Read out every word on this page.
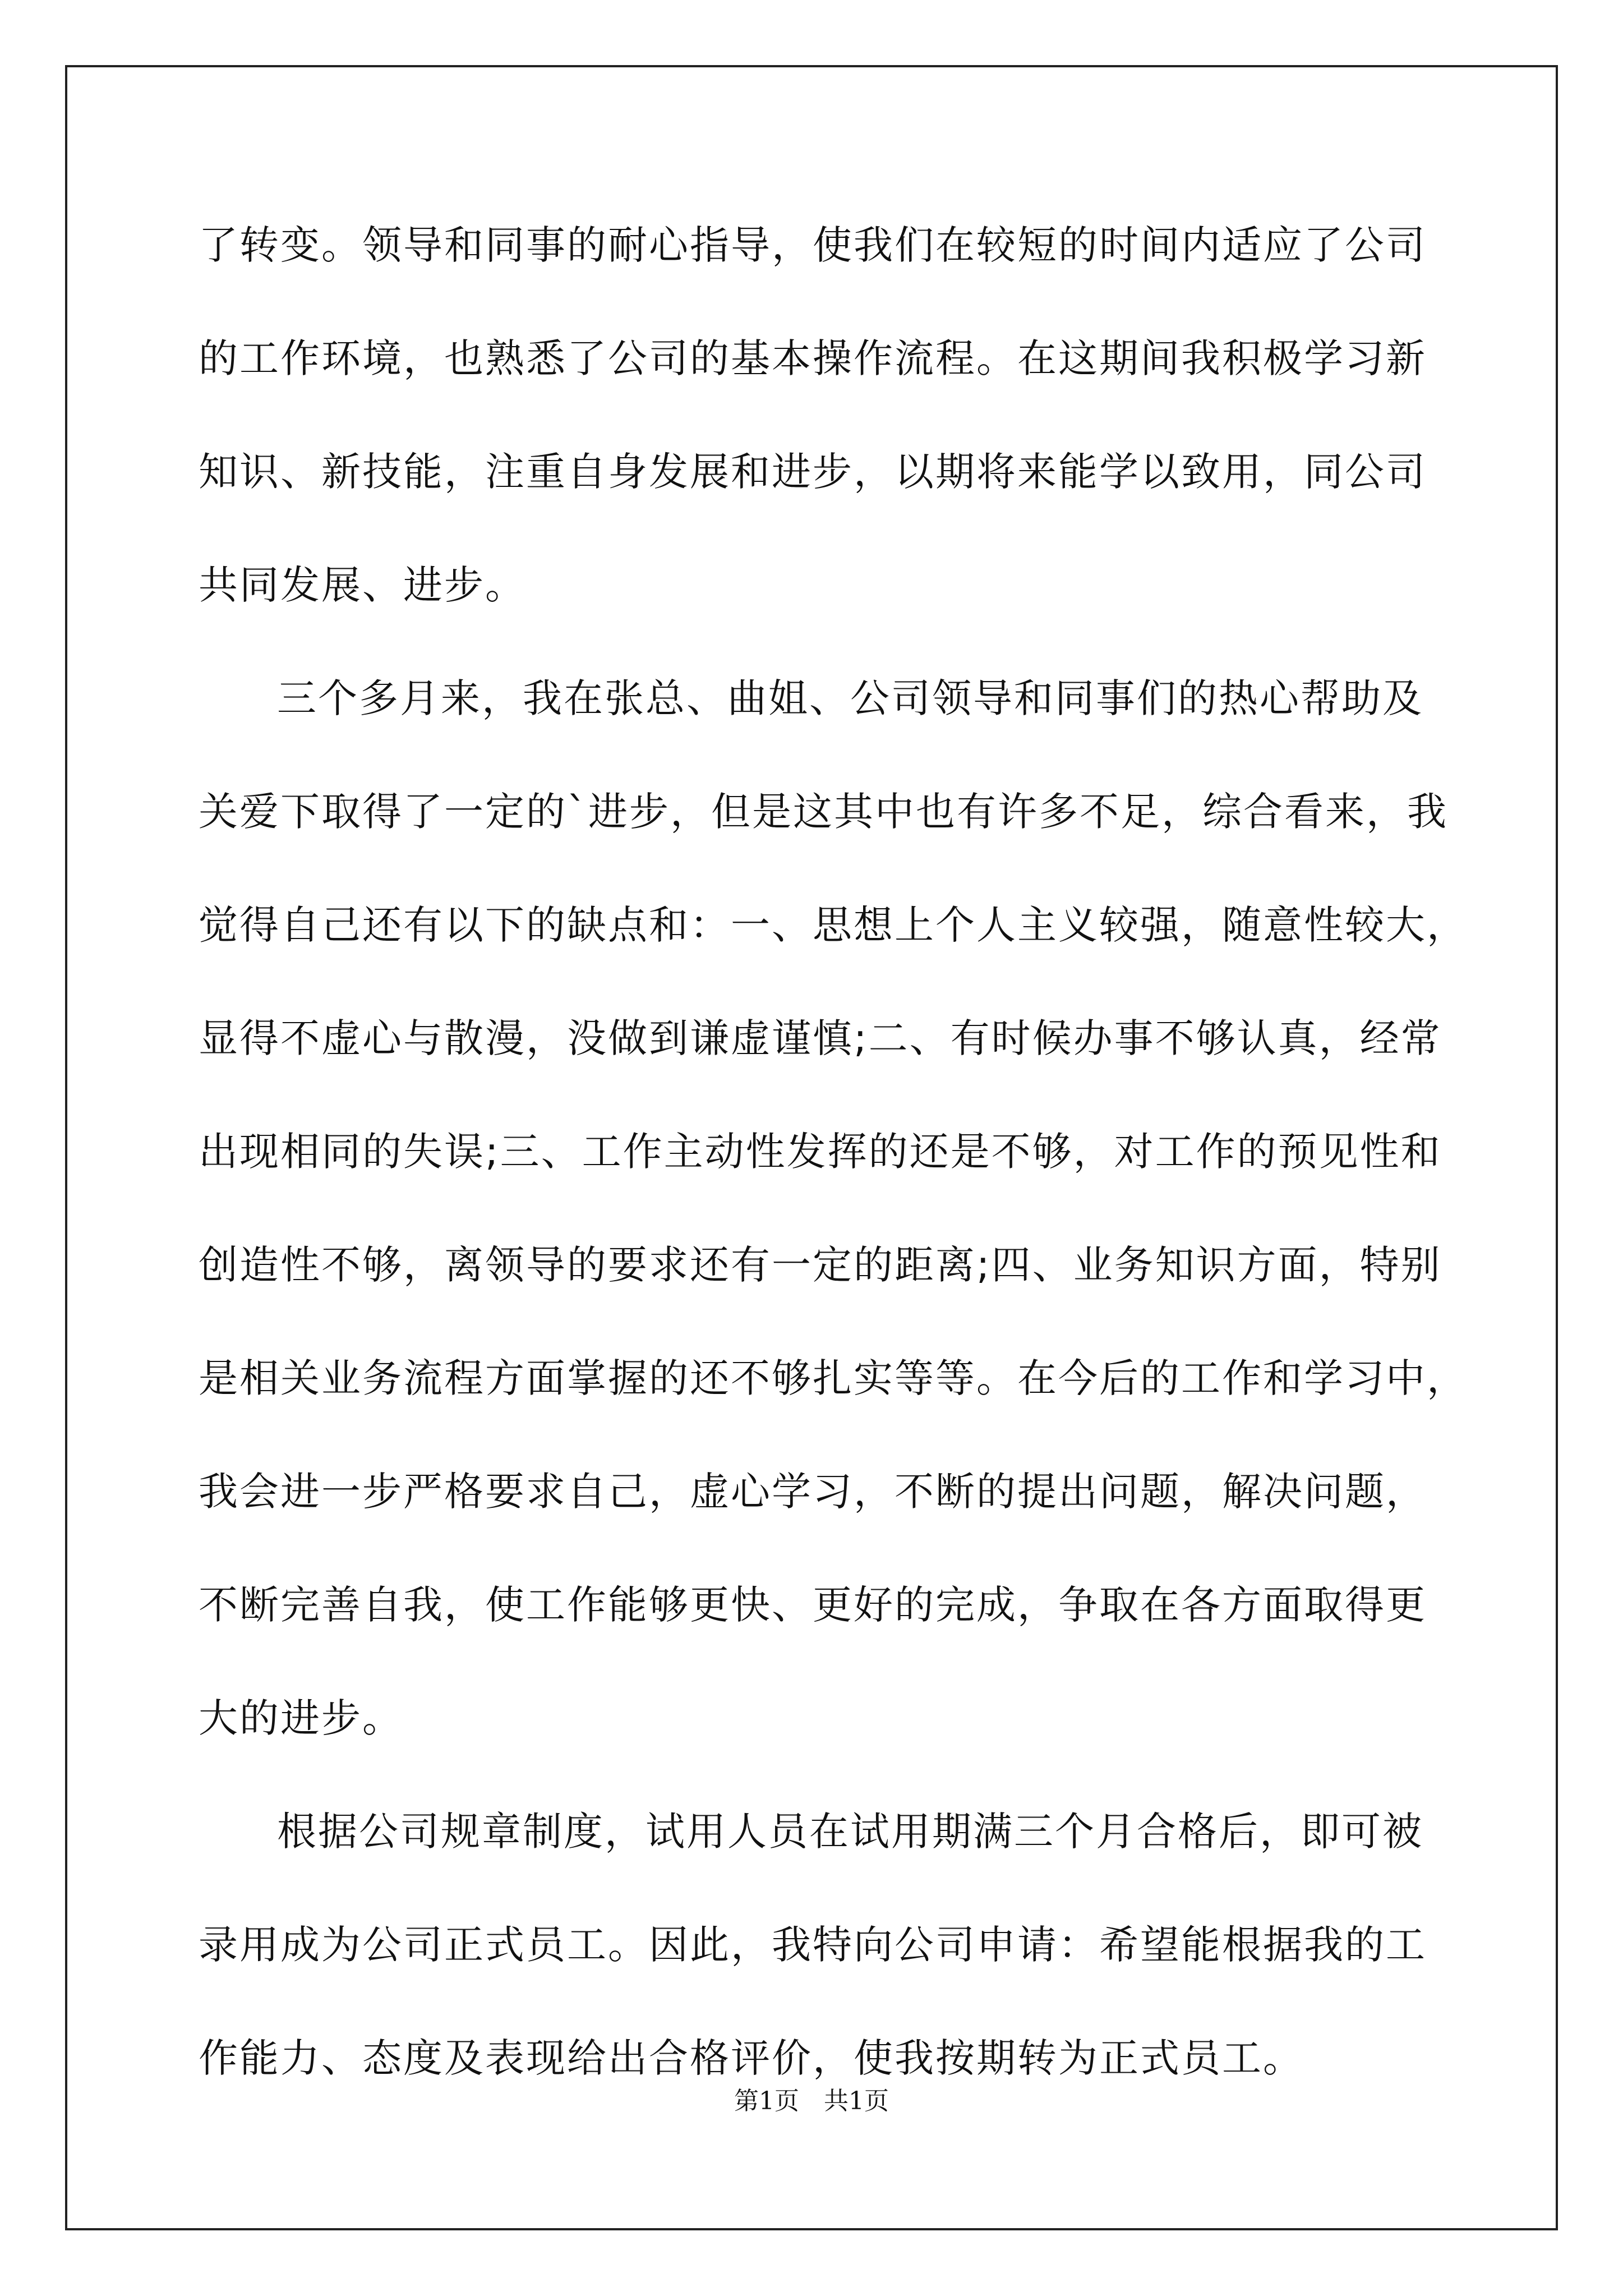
了转变。领导和同事的耐心指导，使我们在较短的时间内适应了公司
的工作环境，也熟悉了公司的基本操作流程。在这期间我积极学习新
知识、新技能，注重自身发展和进步，以期将来能学以致用，同公司
共同发展、进步。
三个多月来，我在张总、曲姐、公司领导和同事们的热心帮助及
关爱下取得了一定的`进步，但是这其中也有许多不足，综合看来，我
觉得自己还有以下的缺点和：一、思想上个人主义较强，随意性较大，
显得不虚心与散漫，没做到谦虚谨慎;二、有时候办事不够认真，经常
出现相同的失误;三、工作主动性发挥的还是不够，对工作的预见性和
创造性不够，离领导的要求还有一定的距离;四、业务知识方面，特别
是相关业务流程方面掌握的还不够扎实等等。在今后的工作和学习中，
我会进一步严格要求自己，虚心学习，不断的提出问题，解决问题，
不断完善自我，使工作能够更快、更好的完成，争取在各方面取得更
大的进步。
根据公司规章制度，试用人员在试用期满三个月合格后，即可被
录用成为公司正式员工。因此，我特向公司申请：希望能根据我的工
作能力、态度及表现给出合格评价，使我按期转为正式员工。
第1页　共1页
